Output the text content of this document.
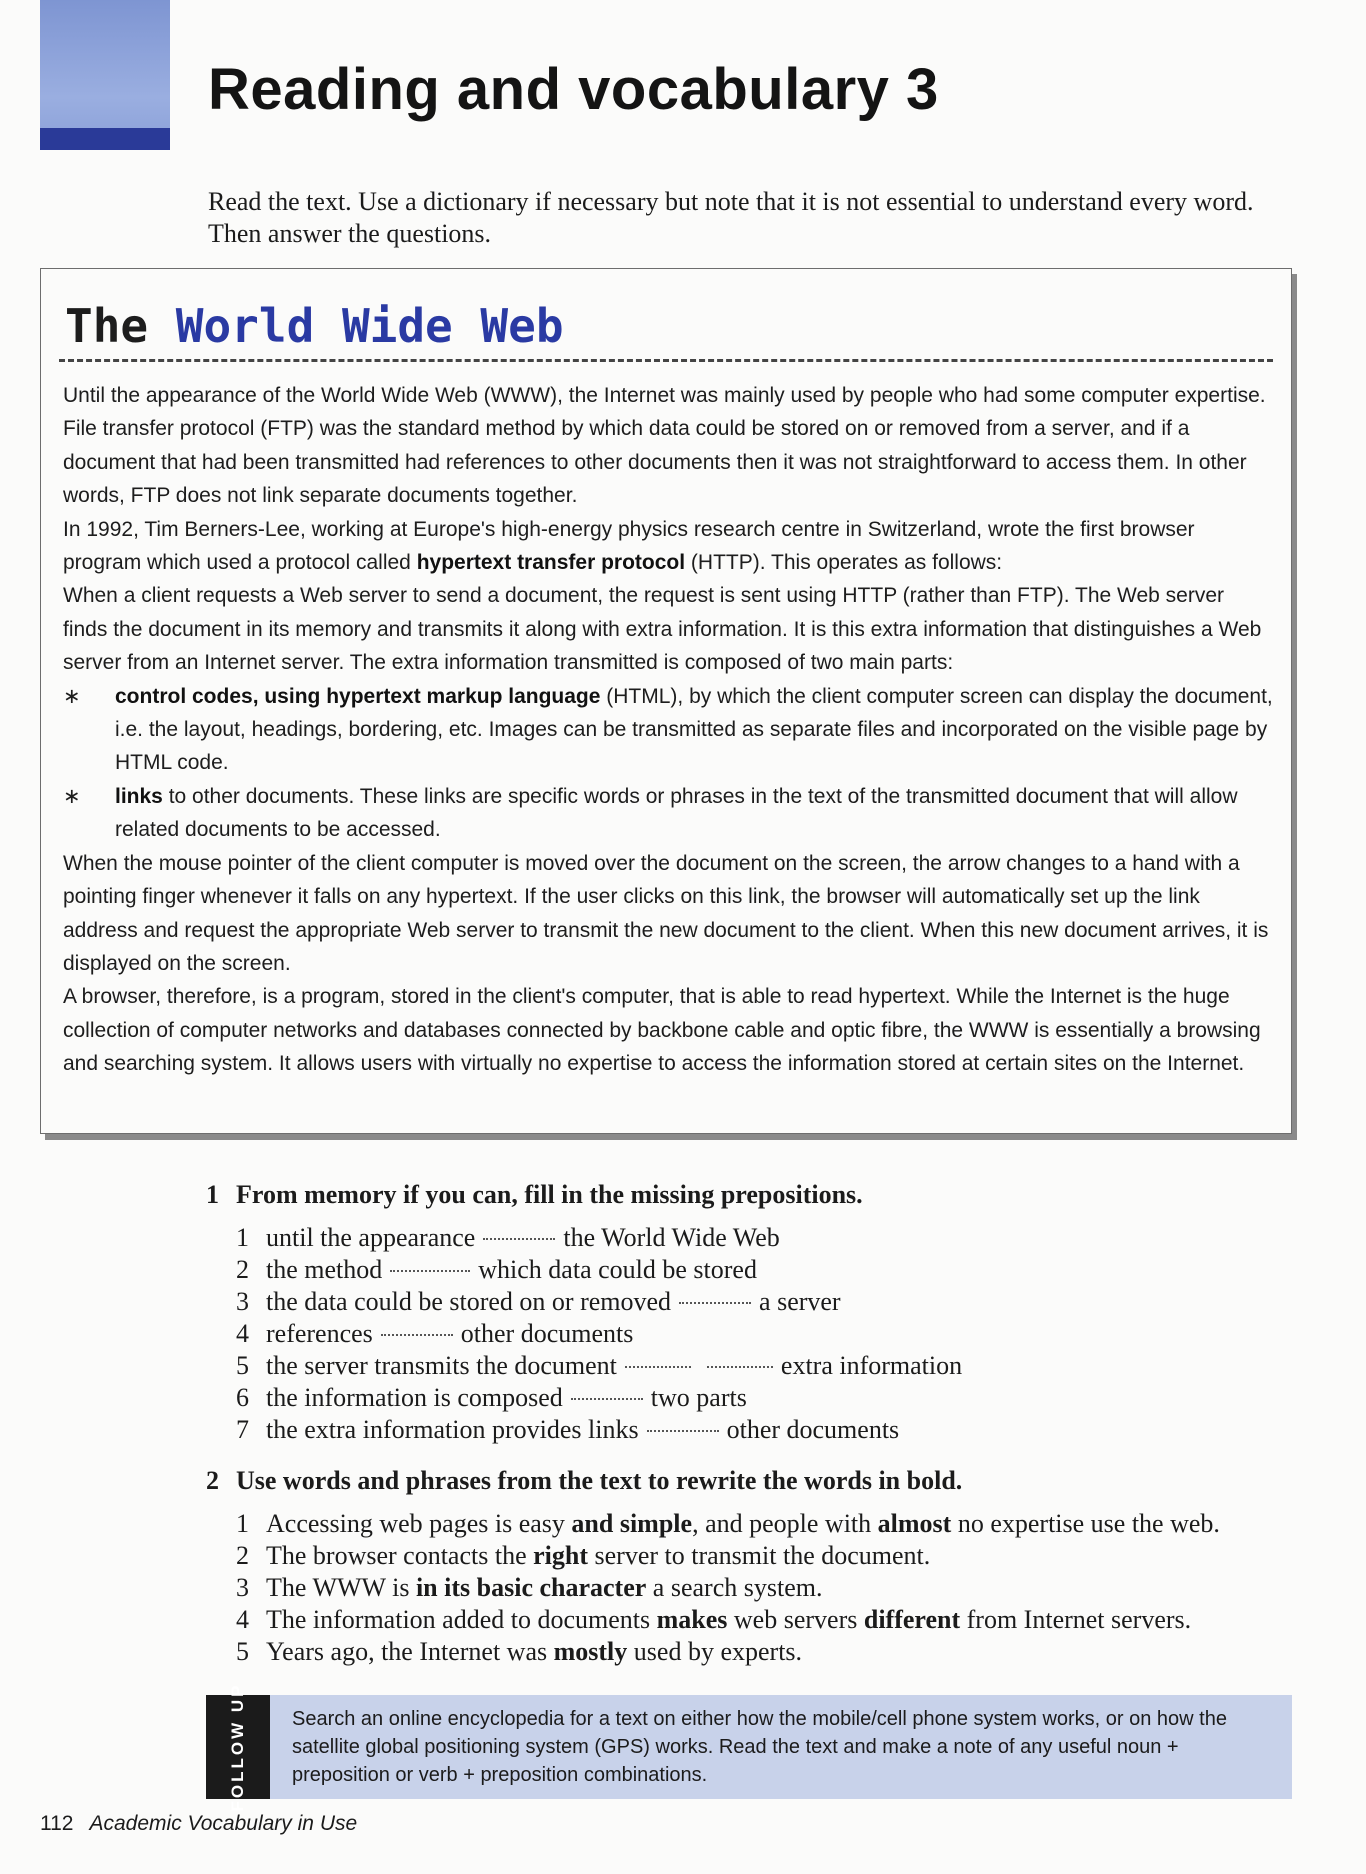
Reading and vocabulary 3

Read the text. Use a dictionary if necessary but note that it is not essential to understand every word. Then answer the questions.

The World Wide Web

Until the appearance of the World Wide Web (WWW), the Internet was mainly used by people who had some computer expertise. File transfer protocol (FTP) was the standard method by which data could be stored on or removed from a server, and if a document that had been transmitted had references to other documents then it was not straightforward to access them. In other words, FTP does not link separate documents together.

In 1992, Tim Berners-Lee, working at Europe's high-energy physics research centre in Switzerland, wrote the first browser program which used a protocol called hypertext transfer protocol (HTTP). This operates as follows:

When a client requests a Web server to send a document, the request is sent using HTTP (rather than FTP). The Web server finds the document in its memory and transmits it along with extra information. It is this extra information that distinguishes a Web server from an Internet server. The extra information transmitted is composed of two main parts:

∗	control codes, using hypertext markup language (HTML), by which the client computer screen can display the document, i.e. the layout, headings, bordering, etc. Images can be transmitted as separate files and incorporated on the visible page by HTML code.

∗	links to other documents. These links are specific words or phrases in the text of the transmitted document that will allow related documents to be accessed.

When the mouse pointer of the client computer is moved over the document on the screen, the arrow changes to a hand with a pointing finger whenever it falls on any hypertext. If the user clicks on this link, the browser will automatically set up the link address and request the appropriate Web server to transmit the new document to the client. When this new document arrives, it is displayed on the screen.

A browser, therefore, is a program, stored in the client's computer, that is able to read hypertext. While the Internet is the huge collection of computer networks and databases connected by backbone cable and optic fibre, the WWW is essentially a browsing and searching system. It allows users with virtually no expertise to access the information stored at certain sites on the Internet.

1 From memory if you can, fill in the missing prepositions.

1 until the appearance	the World Wide Web
2 the method	which data could be stored
3 the data could be stored on or removed	a server
4 references	other documents
5 the server transmits the document	extra information
6 the information is composed	two parts
7 the extra information provides links	other documents

2 Use words and phrases from the text to rewrite the words in bold.

1 Accessing web pages is easy and simple, and people with almost no expertise use the web.
2 The browser contacts the right server to transmit the document.
3 The WWW is in its basic character a search system.
4 The information added to documents makes web servers different from Internet servers.
5 Years ago, the Internet was mostly used by experts.
FOLLOW UP Search an online encyclopedia for a text on either how the mobile/cell phone system works, or on how the satellite global positioning system (GPS) works. Read the text and make a note of any useful noun + preposition or verb + preposition combinations.

112 Academic Vocabulary in Use
